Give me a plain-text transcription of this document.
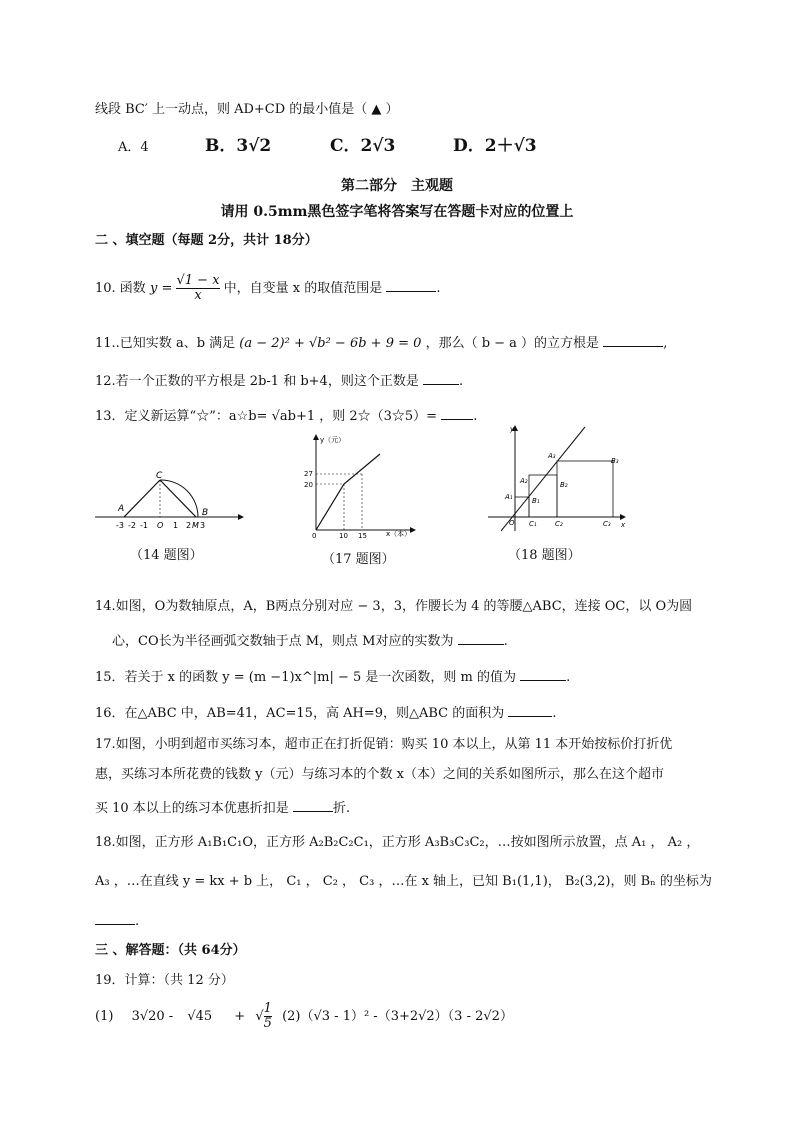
线段 BC′ 上一动点，则 AD+CD 的最小值是（ ▲ ）
A．4	B．3√2	C．2√3	D．2＋√3
第二部分　主观题
请用 0.5mm黑色签字笔将答案写在答题卡对应的位置上
二 、填空题（每题 2分，共计 18分）
10. 函数 $y = \frac{√1 - x}{x}$ 中，自变量 x 的取值范围是	.
11..已知实数 a、b 满足 (a − 2)² + √b² − 6b + 9 = 0 ，那么（ b − a ）的立方根是	,
12.若一个正数的平方根是 2b-1 和 b+4，则这个正数是	.
13．定义新运算“☆”：a☆b= √ab+1 ，则 2☆（3☆5）=	.
A
C
B
-3 -2 -1 O 1 2 M 3
（14 题图）
y（元）
x（本）
27
20
0	10 15
（17 题图）
y
x
O
A₁	B₁
C₁
A₂	B₂
C₂
A₃
B₃
C₃
（18 题图）
14.如图，O为数轴原点，A，B两点分别对应 − 3，3，作腰长为 4 的等腰△ABC，连接 OC，以 O为圆
心，CO长为半径画弧交数轴于点 M，则点 M对应的实数为	.
15．若关于 x 的函数 y = (m −1)x^|m| − 5 是一次函数，则 m 的值为	.
16．在△ABC 中，AB=41，AC=15，高 AH=9，则△ABC 的面积为	.
17.如图，小明到超市买练习本，超市正在打折促销：购买 10 本以上，从第 11 本开始按标价打折优
惠，买练习本所花费的钱数 y（元）与练习本的个数 x（本）之间的关系如图所示，那么在这个超市
买 10 本以上的练习本优惠折扣是	折.
18.如图，正方形 A₁B₁C₁O，正方形 A₂B₂C₂C₁，正方形 A₃B₃C₃C₂，…按如图所示放置，点 A₁ ， A₂ ，
A₃ ，…在直线 y = kx + b 上， C₁ ， C₂ ， C₃ ，…在 x 轴上，已知 B₁(1,1)， B₂(3,2)，则 Bₙ 的坐标为
.
三 、解答题：（共 64分）
19．计算：（共 12 分）
(1) 3√20 - √45 + √ $\frac{1}{5} (2)(√3 - 1)^2$ -（3+2√2）（3 - 2√2）
